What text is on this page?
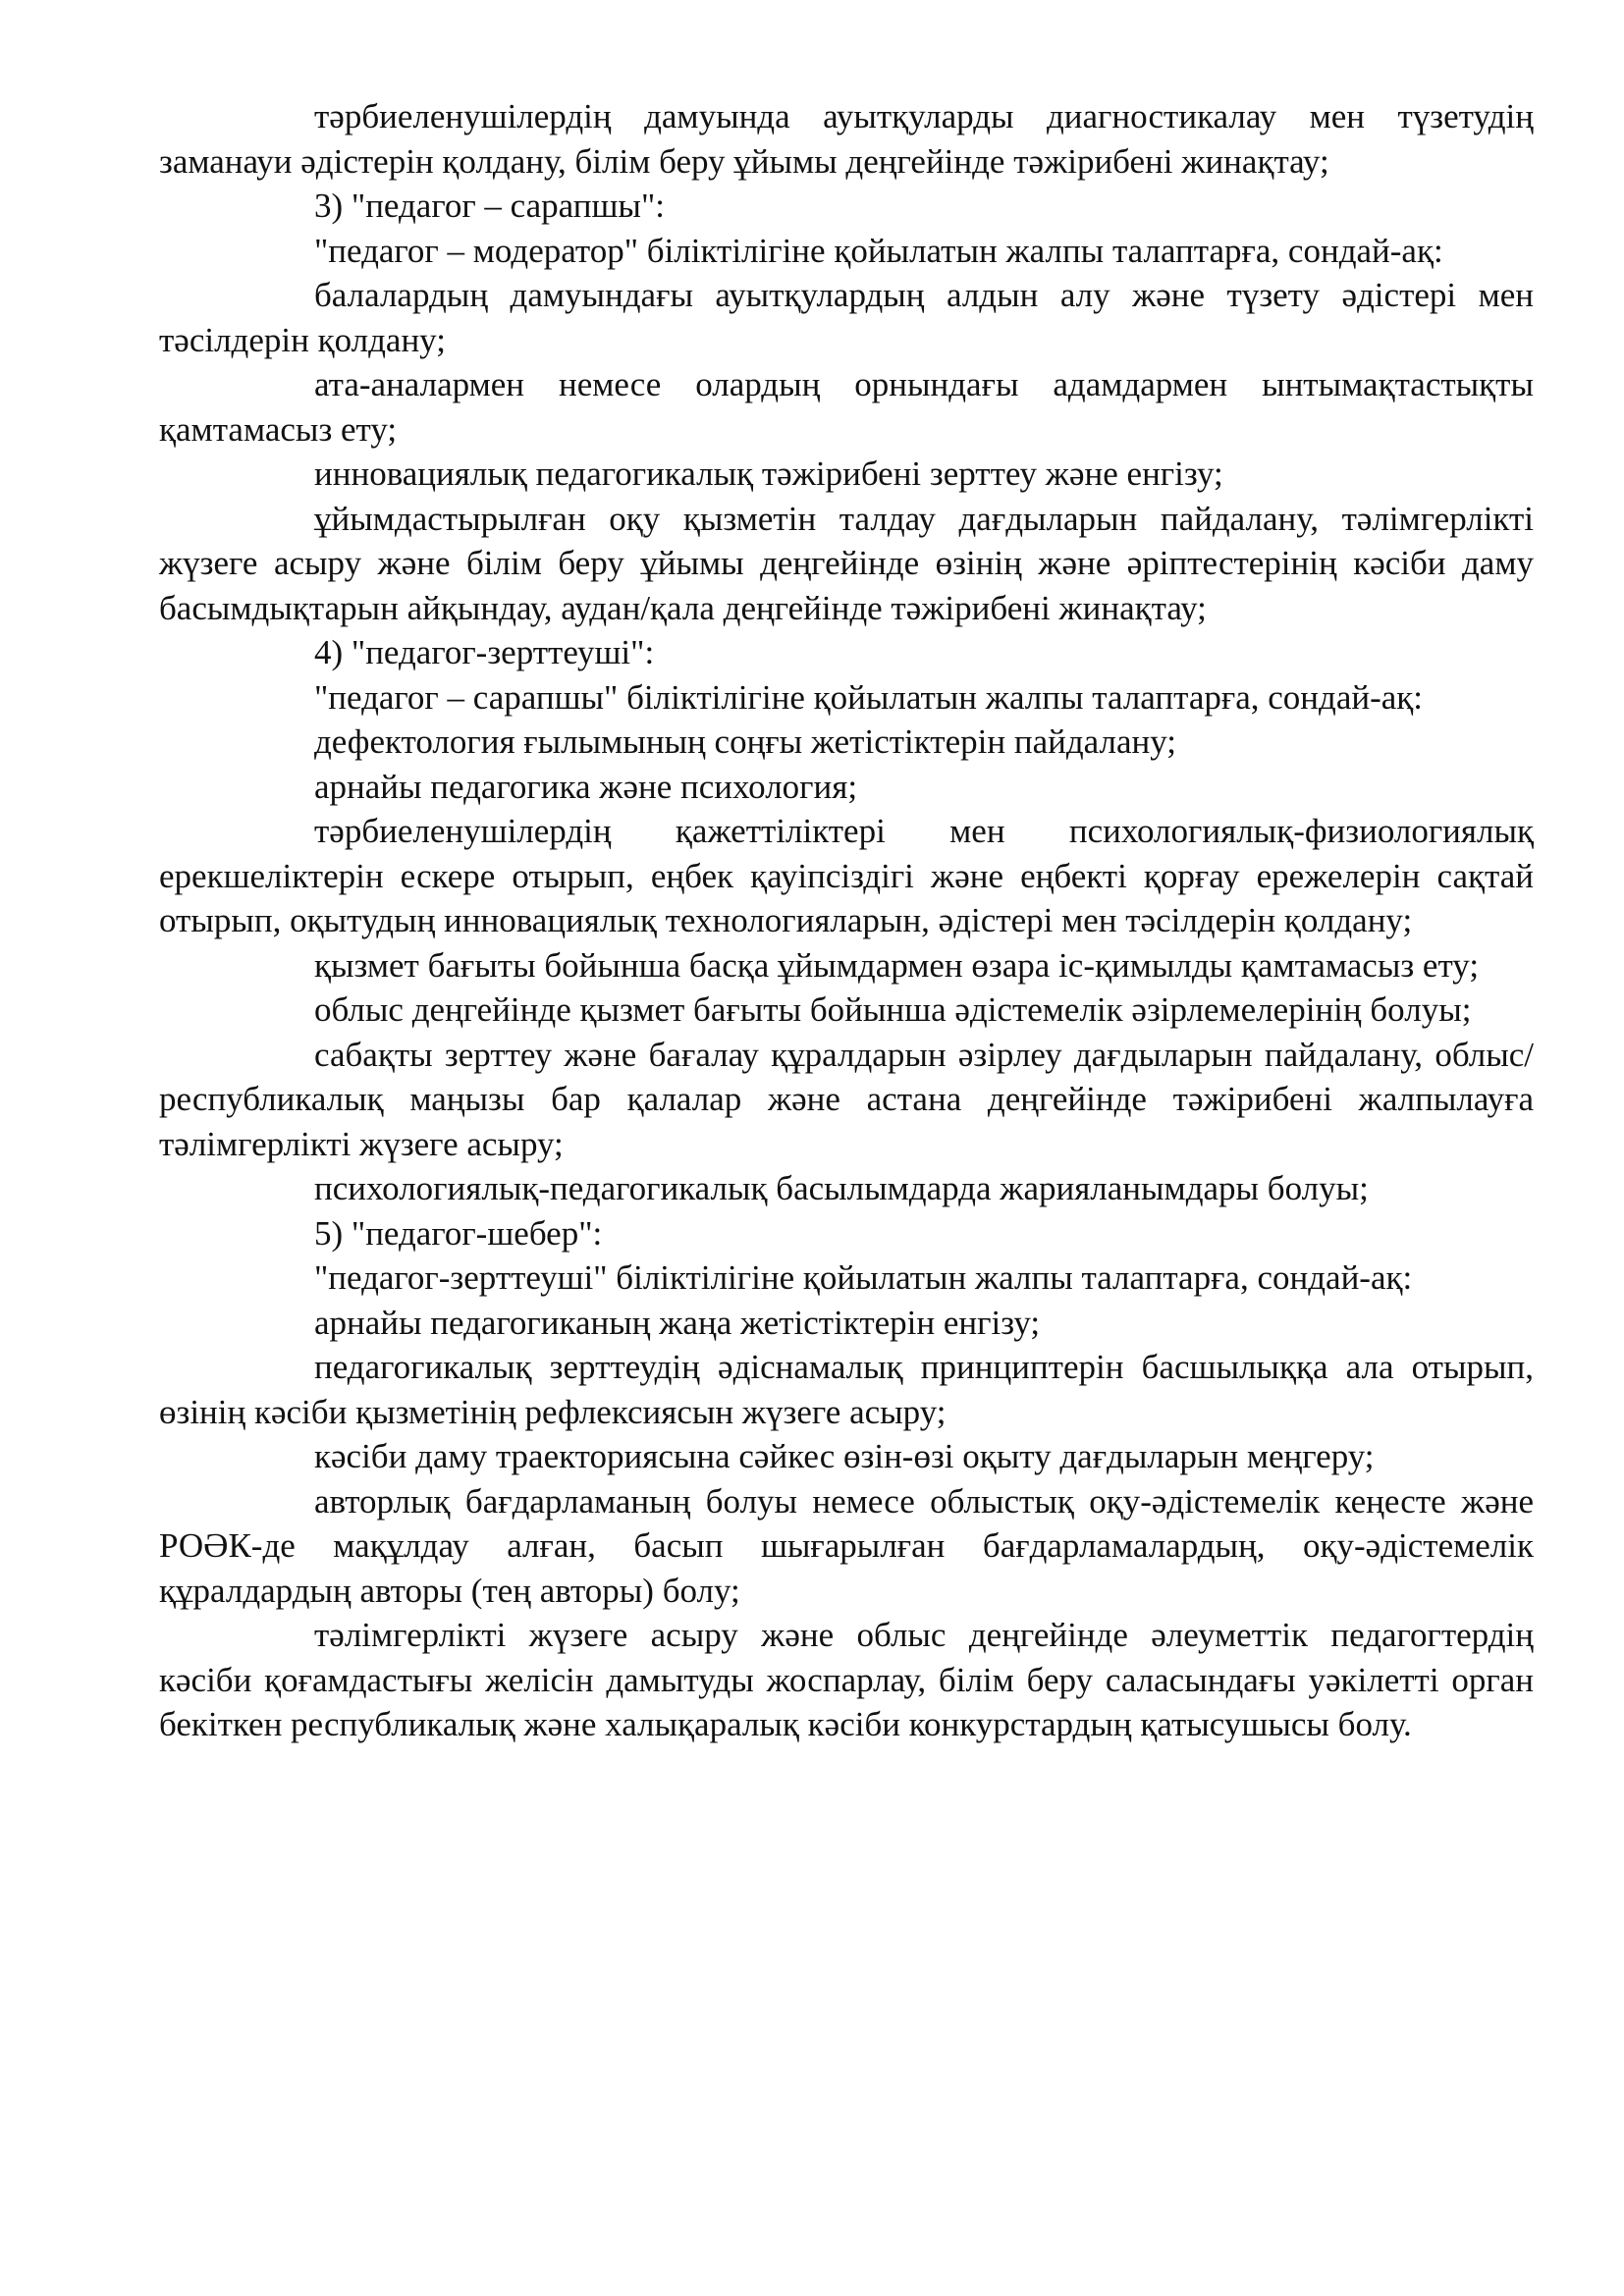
тәрбиеленушілердің дамуында ауытқуларды диагностикалау мен түзетудің заманауи әдістерін қолдану, білім беру ұйымы деңгейінде тәжірибені жинақтау;

3) "педагог – сарапшы":

"педагог – модератор" біліктілігіне қойылатын жалпы талаптарға, сондай-ақ:

балалардың дамуындағы ауытқулардың алдын алу және түзету әдістері мен тәсілдерін қолдану;

ата-аналармен немесе олардың орнындағы адамдармен ынтымақтастықты қамтамасыз ету;

инновациялық педагогикалық тәжірибені зерттеу және енгізу;

ұйымдастырылған оқу қызметін талдау дағдыларын пайдалану, тәлімгерлікті жүзеге асыру және білім беру ұйымы деңгейінде өзінің және әріптестерінің кәсіби даму басымдықтарын айқындау, аудан/қала деңгейінде тәжірибені жинақтау;

4) "педагог-зерттеуші":

"педагог – сарапшы" біліктілігіне қойылатын жалпы талаптарға, сондай-ақ:

дефектология ғылымының соңғы жетістіктерін пайдалану;

арнайы педагогика және психология;

тәрбиеленушілердің қажеттіліктері мен психологиялық-физиологиялық ерекшеліктерін ескере отырып, еңбек қауіпсіздігі және еңбекті қорғау ережелерін сақтай отырып, оқытудың инновациялық технологияларын, әдістері мен тәсілдерін қолдану;

қызмет бағыты бойынша басқа ұйымдармен өзара іс-қимылды қамтамасыз ету;

облыс деңгейінде қызмет бағыты бойынша әдістемелік әзірлемелерінің болуы;

сабақты зерттеу және бағалау құралдарын әзірлеу дағдыларын пайдалану, облыс/республикалық маңызы бар қалалар және астана деңгейінде тәжірибені жалпылауға тәлімгерлікті жүзеге асыру;

психологиялық-педагогикалық басылымдарда жарияланымдары болуы;

5) "педагог-шебер":

"педагог-зерттеуші" біліктілігіне қойылатын жалпы талаптарға, сондай-ақ:

арнайы педагогиканың жаңа жетістіктерін енгізу;

педагогикалық зерттеудің әдіснамалық принциптерін басшылыққа ала отырып, өзінің кәсіби қызметінің рефлексиясын жүзеге асыру;

кәсіби даму траекториясына сәйкес өзін-өзі оқыту дағдыларын меңгеру;

авторлық бағдарламаның болуы немесе облыстық оқу-әдістемелік кеңесте және РОӘК-де мақұлдау алған, басып шығарылған бағдарламалардың, оқу-әдістемелік құралдардың авторы (тең авторы) болу;

тәлімгерлікті жүзеге асыру және облыс деңгейінде әлеуметтік педагогтердің кәсіби қоғамдастығы желісін дамытуды жоспарлау, білім беру саласындағы уәкілетті орган бекіткен республикалық және халықаралық кәсіби конкурстардың қатысушысы болу.
